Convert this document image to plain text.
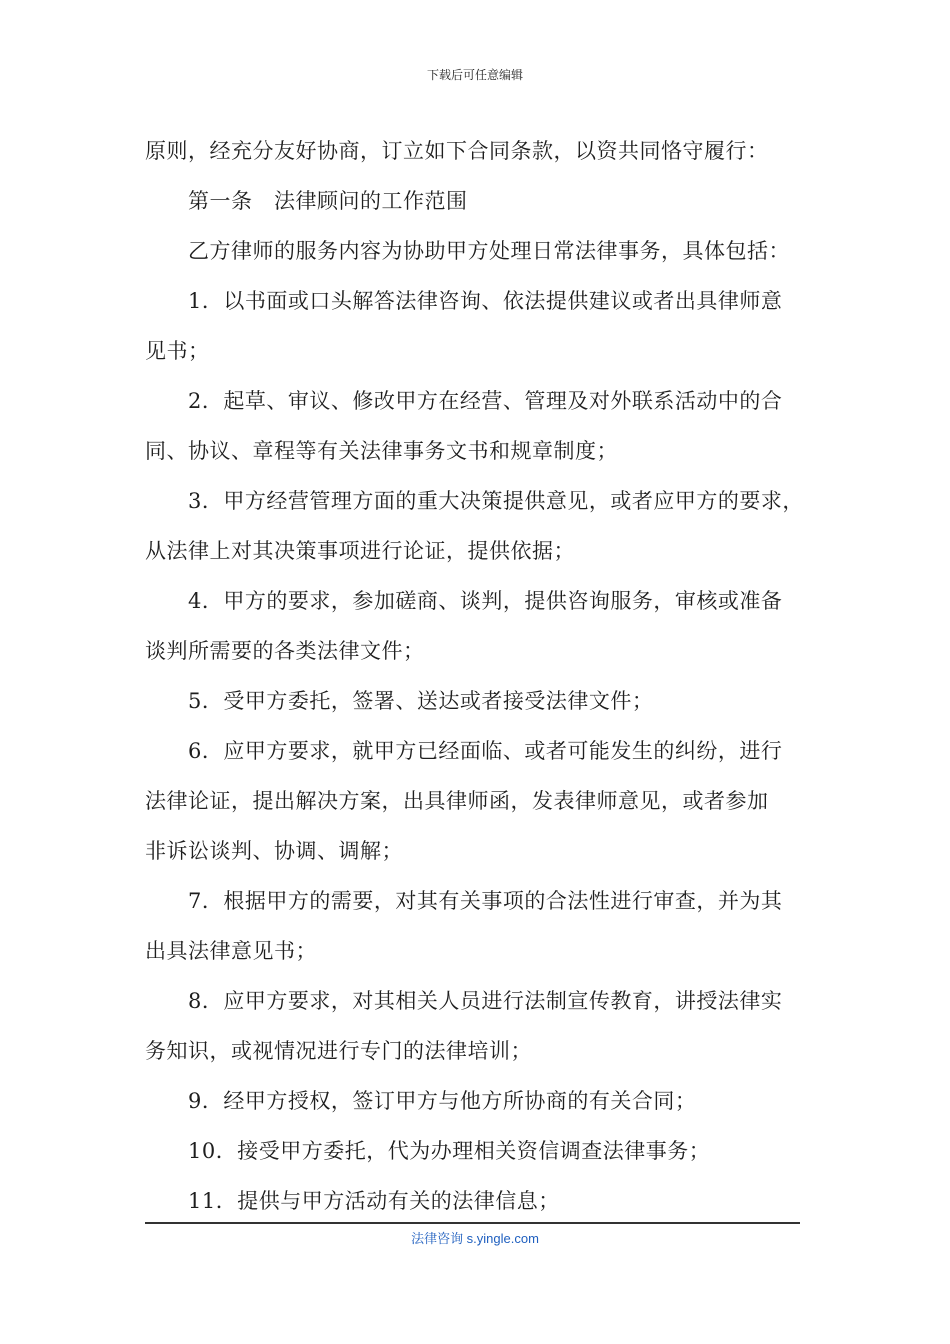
下载后可任意编辑

原则，经充分友好协商，订立如下合同条款，以资共同恪守履行：

第一条　法律顾问的工作范围

乙方律师的服务内容为协助甲方处理日常法律事务，具体包括：

1．以书面或口头解答法律咨询、依法提供建议或者出具律师意

见书；

2．起草、审议、修改甲方在经营、管理及对外联系活动中的合

同、协议、章程等有关法律事务文书和规章制度；

3．甲方经营管理方面的重大决策提供意见，或者应甲方的要求，

从法律上对其决策事项进行论证，提供依据；

4．甲方的要求，参加磋商、谈判，提供咨询服务，审核或准备

谈判所需要的各类法律文件；

5．受甲方委托，签署、送达或者接受法律文件；

6．应甲方要求，就甲方已经面临、或者可能发生的纠纷，进行

法律论证，提出解决方案，出具律师函，发表律师意见，或者参加

非诉讼谈判、协调、调解；

7．根据甲方的需要，对其有关事项的合法性进行审查，并为其

出具法律意见书；

8．应甲方要求，对其相关人员进行法制宣传教育，讲授法律实

务知识，或视情况进行专门的法律培训；

9．经甲方授权，签订甲方与他方所协商的有关合同；

10．接受甲方委托，代为办理相关资信调查法律事务；

11．提供与甲方活动有关的法律信息；

法律咨询 s.yingle.com
